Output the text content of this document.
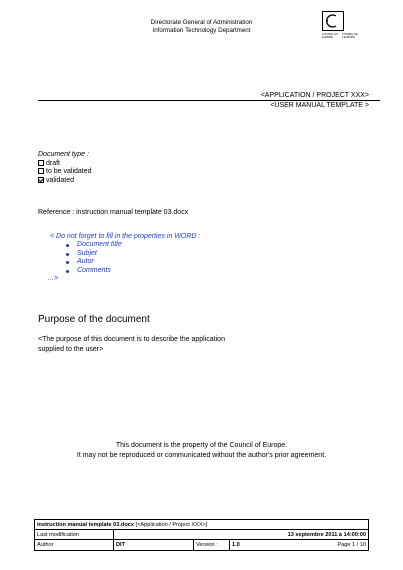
Directorate General of Administration
Information Technology Department
COUNCIL OF EUROPE
CONSEIL DE L'EUROPE
<APPLICATION / PROJECT XXX>
<USER MANUAL TEMPLATE >
Document type :
draft
to be validated
validated
Reference : instruction manual template 03.docx
< Do not forget to fill in the properties in WORD :
Document title
Subjet
Autor
Comments
...>
Purpose of the document
<The purpose of this document is to describe the application supplied to the user>
This document is the property of the Council of Europe.
It may not be reproduced or communicated without the author's prior agreement.
instruction manual template 03.docx
[<Application / Project XXX>]
Last modification	13 septembre 2011 à 14:00:00
Author	DIT	Version :	1.0	Page 1 / 10
